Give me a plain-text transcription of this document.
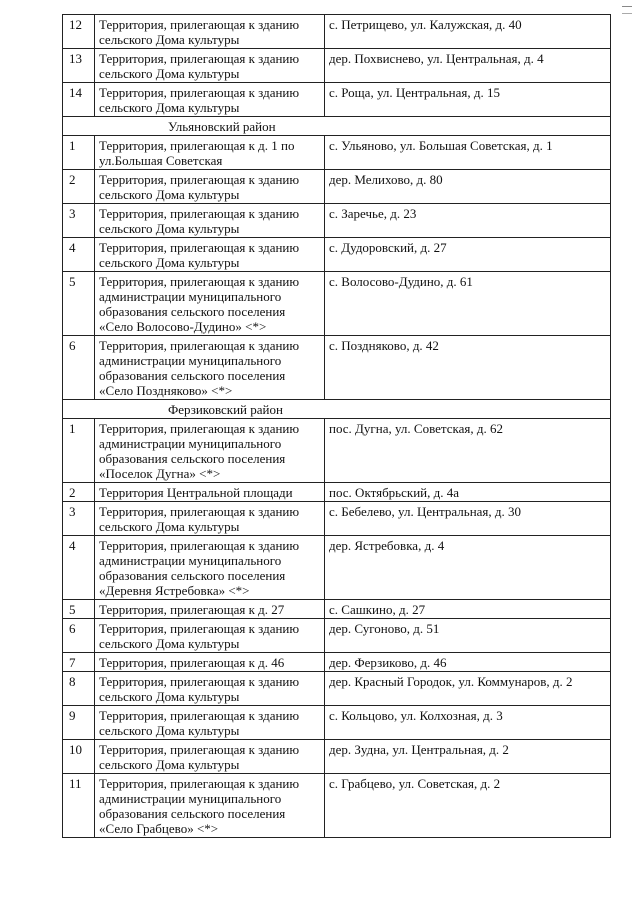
12	Территория, прилегающая к зданию сельского Дома культуры	с. Петрищево, ул. Калужская, д. 40
13	Территория, прилегающая к зданию сельского Дома культуры	дер. Похвиснево, ул. Центральная, д. 4
14	Территория, прилегающая к зданию сельского Дома культуры	с. Роща, ул. Центральная, д. 15
Ульяновский район		
1	Территория, прилегающая к д. 1 по ул.Большая Советская	с. Ульяново, ул. Большая Советская, д. 1
2	Территория, прилегающая к зданию сельского Дома культуры	дер. Мелихово, д. 80
3	Территория, прилегающая к зданию сельского Дома культуры	с. Заречье, д. 23
4	Территория, прилегающая к зданию сельского Дома культуры	с. Дудоровский, д. 27
5	Территория, прилегающая к зданию администрации муниципального образования сельского поселения «Село Волосово-Дудино» <*>	с. Волосово-Дудино, д. 61
6	Территория, прилегающая к зданию администрации муниципального образования сельского поселения «Село Поздняково» <*>	с. Поздняково, д. 42
Ферзиковский район		
1	Территория, прилегающая к зданию администрации муниципального образования сельского поселения «Поселок Дугна» <*>	пос. Дугна, ул. Советская, д. 62
2	Территория Центральной площади	пос. Октябрьский, д. 4а
3	Территория, прилегающая к зданию сельского Дома культуры	с. Бебелево, ул. Центральная, д. 30
4	Территория, прилегающая к зданию администрации муниципального образования сельского поселения «Деревня Ястребовка» <*>	дер. Ястребовка, д. 4
5	Территория, прилегающая к д. 27	с. Сашкино, д. 27
6	Территория, прилегающая к зданию сельского Дома культуры	дер. Сугоново, д. 51
7	Территория, прилегающая к д. 46	дер. Ферзиково, д. 46
8	Территория, прилегающая к зданию сельского Дома культуры	дер. Красный Городок, ул. Коммунаров, д. 2
9	Территория, прилегающая к зданию сельского Дома культуры	с. Кольцово, ул. Колхозная, д. 3
10	Территория, прилегающая к зданию сельского Дома культуры	дер. Зудна, ул. Центральная, д. 2
11	Территория, прилегающая к зданию администрации муниципального образования сельского поселения «Село Грабцево» <*>	с. Грабцево, ул. Советская, д. 2
